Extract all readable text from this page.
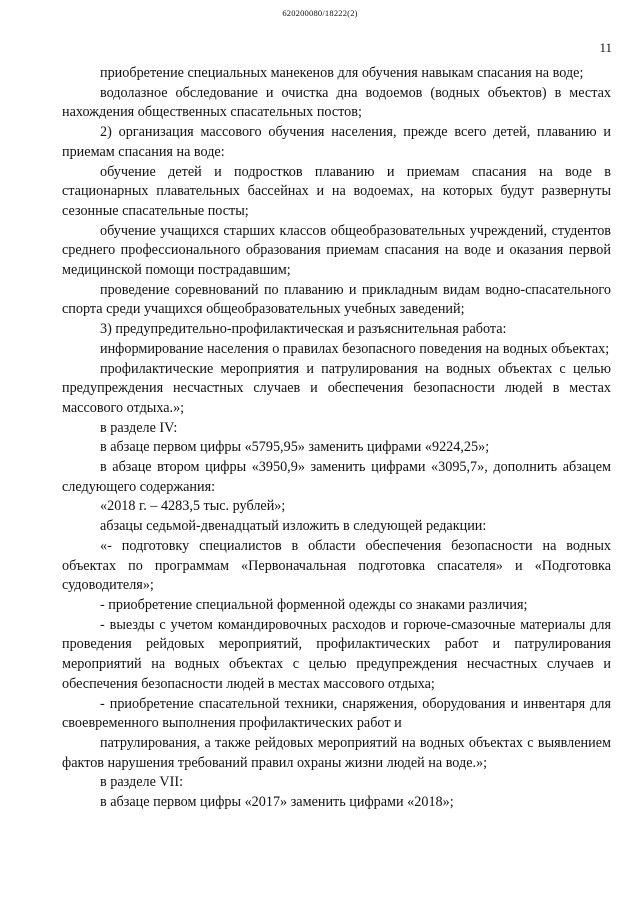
620200080/18222(2)
11

приобретение специальных манекенов для обучения навыкам спасания на воде;

водолазное обследование и очистка дна водоемов (водных объектов) в местах нахождения общественных спасательных постов;

2) организация массового обучения населения, прежде всего детей, плаванию и приемам спасания на воде:

обучение детей и подростков плаванию и приемам спасания на воде в стационарных плавательных бассейнах и на водоемах, на которых будут развернуты сезонные спасательные посты;

обучение учащихся старших классов общеобразовательных учреждений, студентов среднего профессионального образования приемам спасания на воде и оказания первой медицинской помощи пострадавшим;

проведение соревнований по плаванию и прикладным видам водно-спасательного спорта среди учащихся общеобразовательных учебных заведений;

3) предупредительно-профилактическая и разъяснительная работа:

информирование населения о правилах безопасного поведения на водных объектах;

профилактические мероприятия и патрулирования на водных объектах с целью предупреждения несчастных случаев и обеспечения безопасности людей в местах массового отдыха.»;

в разделе IV:

в абзаце первом цифры «5795,95» заменить цифрами «9224,25»;

в абзаце втором цифры «3950,9» заменить цифрами «3095,7», дополнить абзацем следующего содержания:

«2018 г. – 4283,5 тыс. рублей»;

абзацы седьмой-двенадцатый изложить в следующей редакции:

«- подготовку специалистов в области обеспечения безопасности на водных объектах по программам «Первоначальная подготовка спасателя» и «Подготовка судоводителя»;

- приобретение специальной форменной одежды со знаками различия;

- выезды с учетом командировочных расходов и горюче-смазочные материалы для проведения рейдовых мероприятий, профилактических работ и патрулирования мероприятий на водных объектах с целью предупреждения несчастных случаев и обеспечения безопасности людей в местах массового отдыха;

- приобретение спасательной техники, снаряжения, оборудования и инвентаря для своевременного выполнения профилактических работ и

патрулирования, а также рейдовых мероприятий на водных объектах с выявлением фактов нарушения требований правил охраны жизни людей на воде.»;

в разделе VII:

в абзаце первом цифры «2017» заменить цифрами «2018»;
